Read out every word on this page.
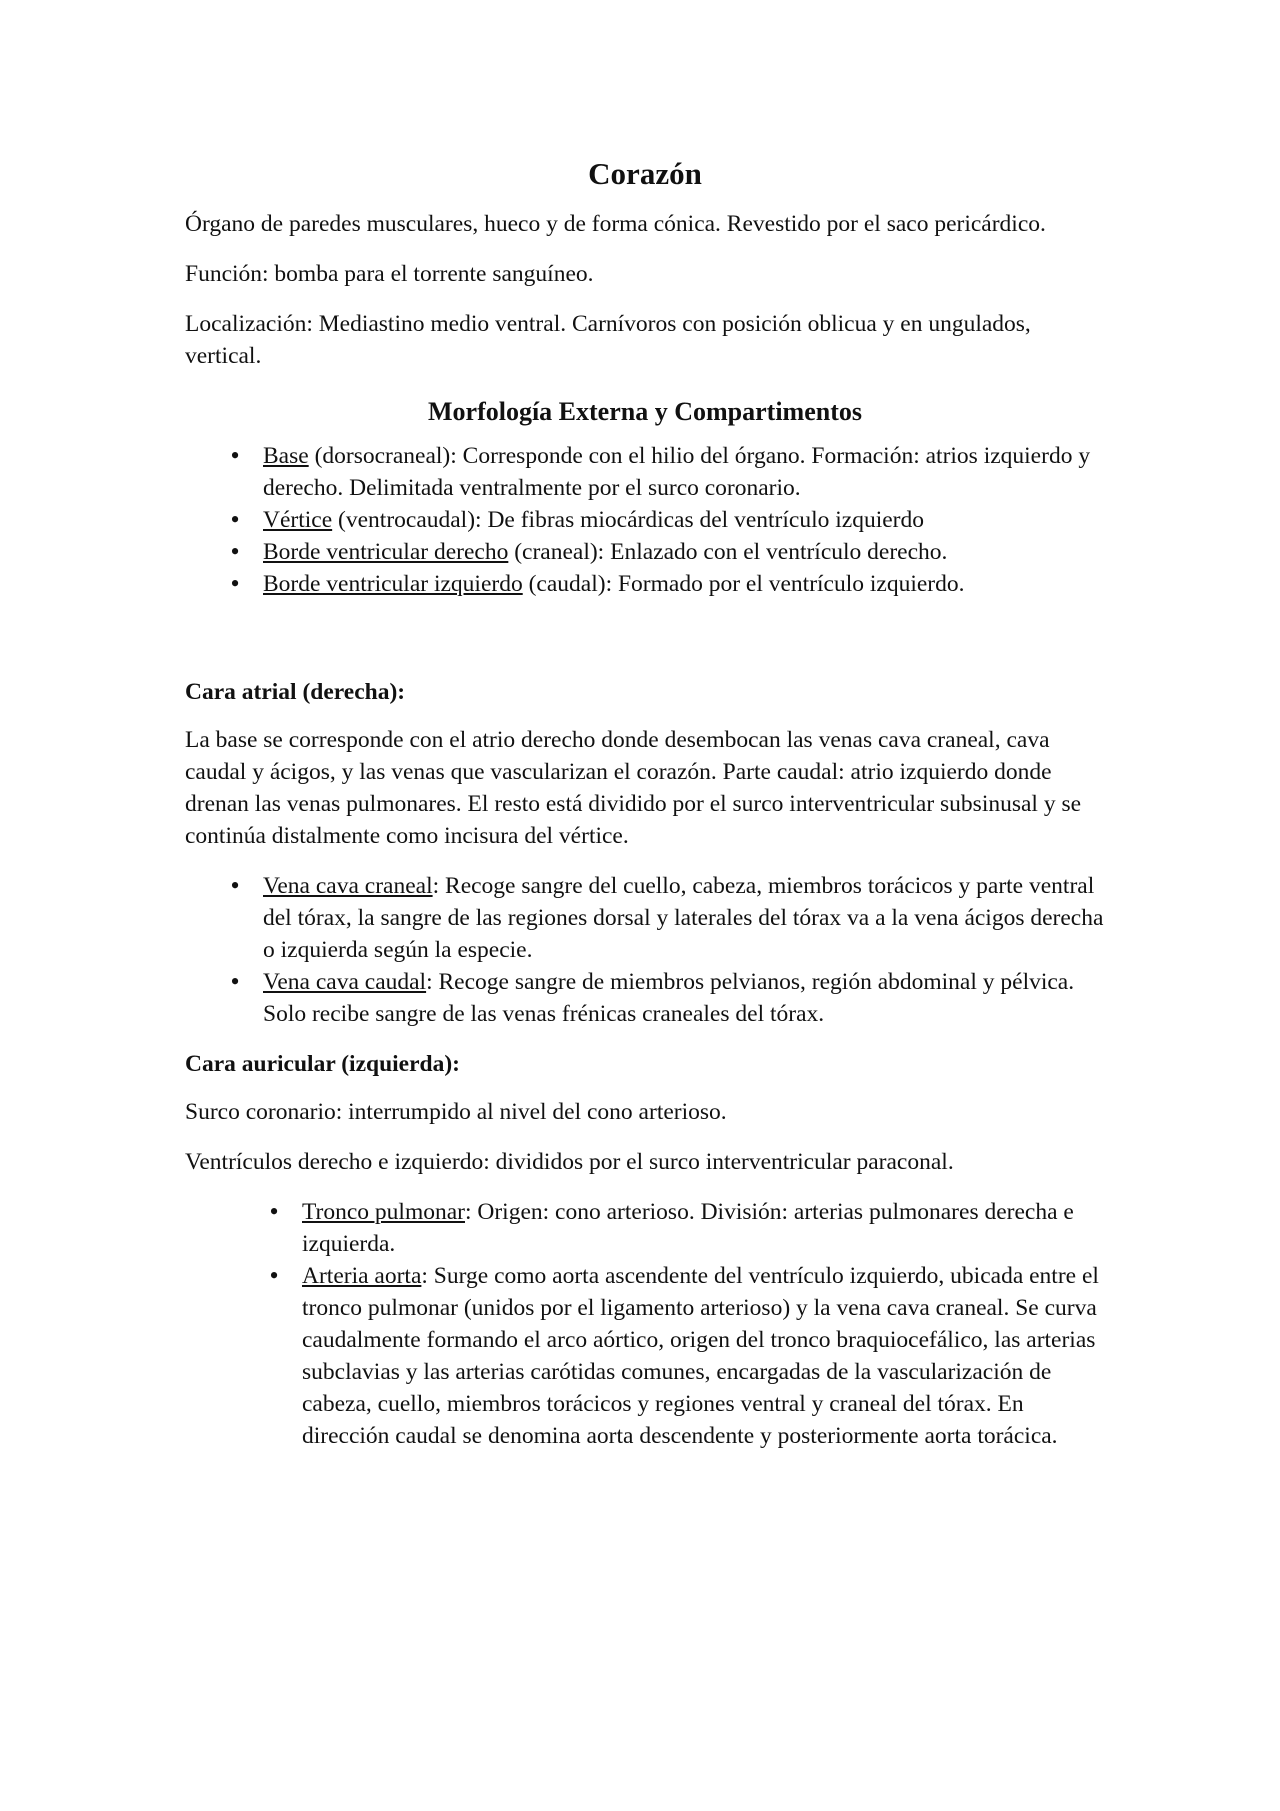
Corazón

Órgano de paredes musculares, hueco y de forma cónica. Revestido por el saco pericárdico.

Función: bomba para el torrente sanguíneo.

Localización: Mediastino medio ventral. Carnívoros con posición oblicua y en ungulados, vertical.

Morfología Externa y Compartimentos
• Base (dorsocraneal): Corresponde con el hilio del órgano. Formación: atrios izquierdo y derecho. Delimitada ventralmente por el surco coronario.
• Vértice (ventrocaudal): De fibras miocárdicas del ventrículo izquierdo
• Borde ventricular derecho (craneal): Enlazado con el ventrículo derecho.
• Borde ventricular izquierdo (caudal): Formado por el ventrículo izquierdo.

Cara atrial (derecha):

La base se corresponde con el atrio derecho donde desembocan las venas cava craneal, cava caudal y ácigos, y las venas que vascularizan el corazón. Parte caudal: atrio izquierdo donde drenan las venas pulmonares. El resto está dividido por el surco interventricular subsinusal y se continúa distalmente como incisura del vértice.

• Vena cava craneal: Recoge sangre del cuello, cabeza, miembros torácicos y parte ventral del tórax, la sangre de las regiones dorsal y laterales del tórax va a la vena ácigos derecha o izquierda según la especie.
• Vena cava caudal: Recoge sangre de miembros pelvianos, región abdominal y pélvica. Solo recibe sangre de las venas frénicas craneales del tórax.

Cara auricular (izquierda):

Surco coronario: interrumpido al nivel del cono arterioso.

Ventrículos derecho e izquierdo: divididos por el surco interventricular paraconal.

• Tronco pulmonar: Origen: cono arterioso. División: arterias pulmonares derecha e izquierda.
• Arteria aorta: Surge como aorta ascendente del ventrículo izquierdo, ubicada entre el tronco pulmonar (unidos por el ligamento arterioso) y la vena cava craneal. Se curva caudalmente formando el arco aórtico, origen del tronco braquiocefálico, las arterias subclavias y las arterias carótidas comunes, encargadas de la vascularización de cabeza, cuello, miembros torácicos y regiones ventral y craneal del tórax. En dirección caudal se denomina aorta descendente y posteriormente aorta torácica.
